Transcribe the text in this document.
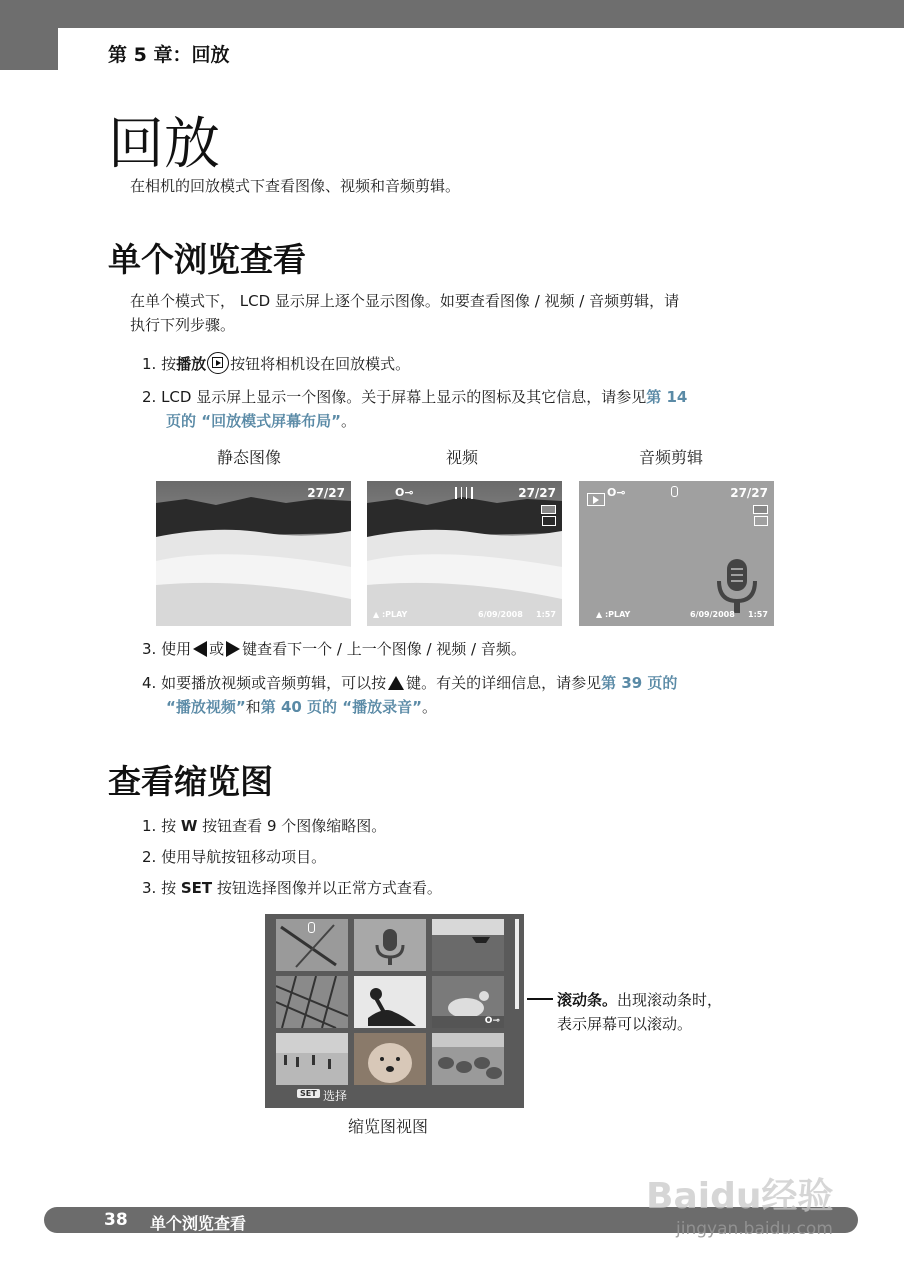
第 5 章：回放
回放
在相机的回放模式下查看图像、视频和音频剪辑。
单个浏览查看
在单个模式下， LCD 显示屏上逐个显示图像。如要查看图像 / 视频 / 音频剪辑，请
执行下列步骤。
1. 按播放 按钮将相机设在回放模式。
2. LCD 显示屏上显示一个图像。关于屏幕上显示的图标及其它信息，请参见第 14
页的 “回放模式屏幕布局”。
静态图像	视频	音频剪辑

27/27
	O⊸	27/27
▲ :PLAY	6/09/2008 1:57
O⊸	27/27
▲ :PLAY	6/09/2008 1:57
3. 使用 或 键查看下一个 / 上一个图像 / 视频 / 音频。
4. 如要播放视频或音频剪辑，可以按 键。有关的详细信息，请参见第 39 页的
“播放视频”和第 40 页的 “播放录音”。
查看缩览图
1. 按 W 按钮查看 9 个图像缩略图。
2. 使用导航按钮移动项目。
3. 按 SET 按钮选择图像并以正常方式查看。
O⊸
SET 选择
滚动条。出现滚动条时，
表示屏幕可以滚动。
缩览图视图
38 单个浏览查看
Baidu经验
jingyan.baidu.com
